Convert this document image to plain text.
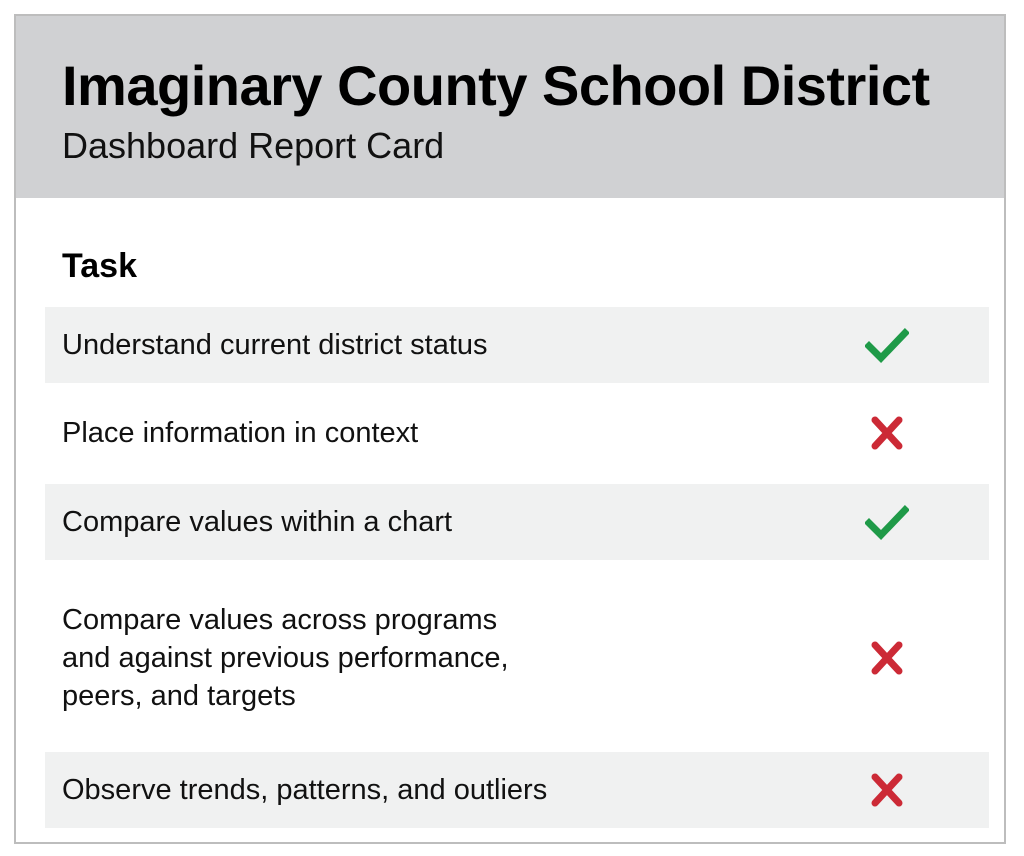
Imaginary County School District
Dashboard Report Card
Task
Understand current district status
Place information in context
Compare values within a chart
Compare values across programs
and against previous performance,
peers, and targets
Observe trends, patterns, and outliers
